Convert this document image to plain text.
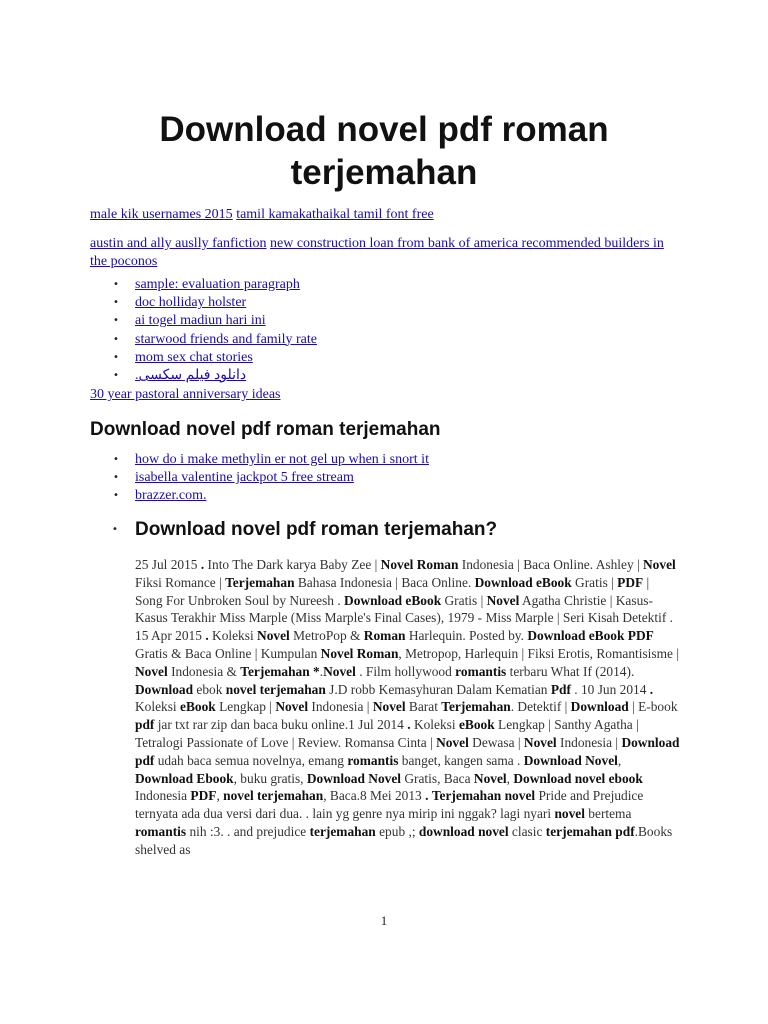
Download novel pdf roman terjemahan
male kik usernames 2015 tamil kamakathaikal tamil font free
austin and ally auslly fanfiction new construction loan from bank of america recommended builders in the poconos
• sample: evaluation paragraph
• doc holliday holster
• ai togel madiun hari ini
• starwood friends and family rate
• mom sex chat stories
• دانلود فیلم سکسی.
30 year pastoral anniversary ideas
Download novel pdf roman terjemahan
• how do i make methylin er not gel up when i snort it
• isabella valentine jackpot 5 free stream
• brazzer.com.
• Download novel pdf roman terjemahan?

25 Jul 2015 . Into The Dark karya Baby Zee | Novel Roman Indonesia | Baca Online. Ashley | Novel Fiksi Romance | Terjemahan Bahasa Indonesia | Baca Online. Download eBook Gratis | PDF | Song For Unbroken Soul by Nureesh . Download eBook Gratis | Novel Agatha Christie | Kasus-Kasus Terakhir Miss Marple (Miss Marple's Final Cases), 1979 - Miss Marple | Seri Kisah Detektif . 15 Apr 2015 . Koleksi Novel MetroPop & Roman Harlequin. Posted by. Download eBook PDF Gratis & Baca Online | Kumpulan Novel Roman, Metropop, Harlequin | Fiksi Erotis, Romantisisme | Novel Indonesia & Terjemahan *.Novel . Film hollywood romantis terbaru What If (2014). Download ebok novel terjemahan J.D robb Kemasyhuran Dalam Kematian Pdf . 10 Jun 2014 . Koleksi eBook Lengkap | Novel Indonesia | Novel Barat Terjemahan. Detektif | Download | E-book pdf jar txt rar zip dan baca buku online.1 Jul 2014 . Koleksi eBook Lengkap | Santhy Agatha | Tetralogi Passionate of Love | Review. Romansa Cinta | Novel Dewasa | Novel Indonesia | Download pdf udah baca semua novelnya, emang romantis banget, kangen sama . Download Novel, Download Ebook, buku gratis, Download Novel Gratis, Baca Novel, Download novel ebook Indonesia PDF, novel terjemahan, Baca.8 Mei 2013 . Terjemahan novel Pride and Prejudice ternyata ada dua versi dari dua. . lain yg genre nya mirip ini nggak? lagi nyari novel bertema romantis nih :3. . and prejudice terjemahan epub ,; download novel clasic terjemahan pdf.Books shelved as

1
